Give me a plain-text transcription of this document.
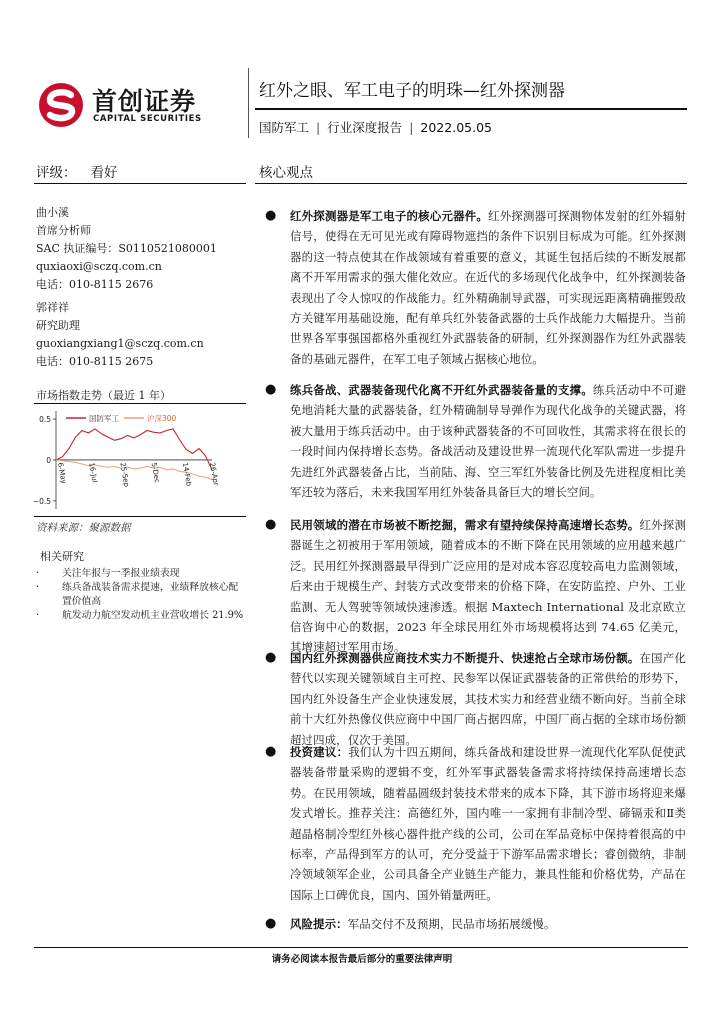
首创证券
CAPITAL SECURITIES
红外之眼、军工电子的明珠—红外探测器
国防军工 | 行业深度报告 | 2022.05.05
评级： 看好	核心观点
曲小溪
首席分析师
SAC 执证编号：S0110521080001
quxiaoxi@sczq.com.cn
电话：010-8115 2676
郭祥祥
研究助理
guoxiangxiang1@sczq.com.cn
电话：010-8115 2675
市场指数走势（最近 1 年）
0.5
0
−0.5
6-May	16-Jul	25-Sep	5-Dec	14-Feb 26-Apr
国防军工	沪深300
资料来源：聚源数据
相关研究
·	关注年报与一季报业绩表现
·	练兵备战装备需求提速，业绩释放核心配置价值高
·	航发动力航空发动机主业营收增长 21.9%
● 红外探测器是军工电子的核心元器件。红外探测器可探测物体发射的红外辐射信号，使得在无可见光或有障碍物遮挡的条件下识别目标成为可能。红外探测器的这一特点使其在作战领域有着重要的意义，其诞生包括后续的不断发展都离不开军用需求的强大催化效应。在近代的多场现代化战争中，红外探测装备表现出了令人惊叹的作战能力。红外精确制导武器，可实现远距离精确摧毁敌方关键军用基础设施，配有单兵红外装备武器的士兵作战能力大幅提升。当前世界各军事强国都格外重视红外武器装备的研制，红外探测器作为红外武器装备的基础元器件，在军工电子领域占据核心地位。
● 练兵备战、武器装备现代化离不开红外武器装备量的支撑。练兵活动中不可避免地消耗大量的武器装备，红外精确制导导弹作为现代化战争的关键武器，将被大量用于练兵活动中。由于该种武器装备的不可回收性，其需求将在很长的一段时间内保持增长态势。备战活动及建设世界一流现代化军队需进一步提升先进红外武器装备占比，当前陆、海、空三军红外装备比例及先进程度相比美军还较为落后，未来我国军用红外装备具备巨大的增长空间。
● 民用领域的潜在市场被不断挖掘，需求有望持续保持高速增长态势。红外探测器诞生之初被用于军用领域，随着成本的不断下降在民用领域的应用越来越广泛。民用红外探测器最早得到广泛应用的是对成本容忍度较高电力监测领域，后来由于规模生产、封装方式改变带来的价格下降，在安防监控、户外、工业监测、无人驾驶等领域快速渗透。根据 Maxtech International 及北京欧立信咨询中心的数据，2023 年全球民用红外市场规模将达到 74.65 亿美元，其增速超过军用市场。
● 国内红外探测器供应商技术实力不断提升、快速抢占全球市场份额。在国产化替代以实现关键领域自主可控、民参军以保证武器装备的正常供给的形势下，国内红外设备生产企业快速发展，其技术实力和经营业绩不断向好。当前全球前十大红外热像仪供应商中中国厂商占据四席，中国厂商占据的全球市场份额超过四成，仅次于美国。
● 投资建议：我们认为十四五期间，练兵备战和建设世界一流现代化军队促使武器装备带量采购的逻辑不变，红外军事武器装备需求将持续保持高速增长态势。在民用领域，随着晶圆级封装技术带来的成本下降，其下游市场将迎来爆发式增长。推荐关注：高德红外，国内唯一一家拥有非制冷型、碲镉汞和Ⅱ类超晶格制冷型红外核心器件批产线的公司，公司在军品竞标中保持着很高的中标率，产品得到军方的认可，充分受益于下游军品需求增长；睿创微纳，非制冷领域领军企业，公司具备全产业链生产能力，兼具性能和价格优势，产品在国际上口碑优良，国内、国外销量两旺。
● 风险提示：军品交付不及预期，民品市场拓展缓慢。
请务必阅读本报告最后部分的重要法律声明
